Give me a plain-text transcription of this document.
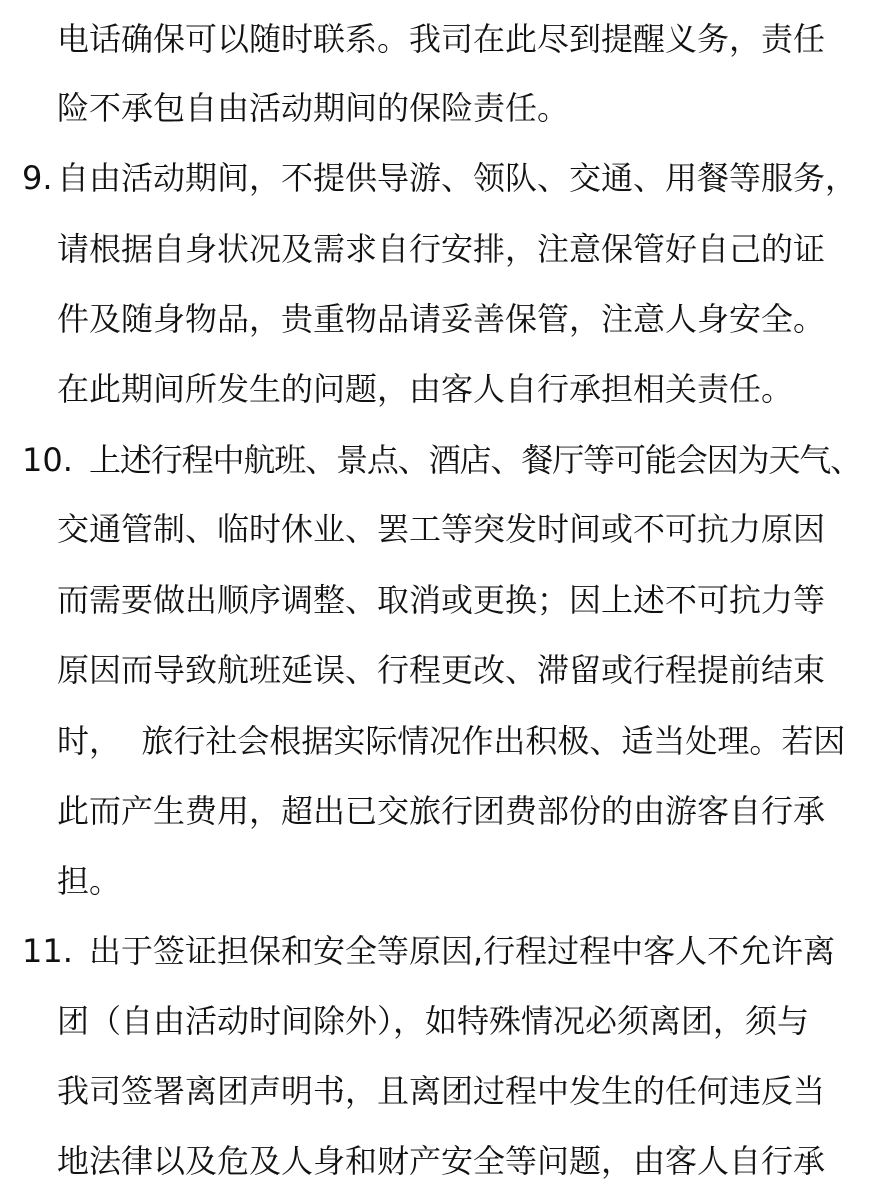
电话确保可以随时联系。我司在此尽到提醒义务，责任
险不承包自由活动期间的保险责任。
9. 自由活动期间，不提供导游、领队、交通、用餐等服务，
请根据自身状况及需求自行安排，注意保管好自己的证
件及随身物品，贵重物品请妥善保管，注意人身安全。
在此期间所发生的问题，由客人自行承担相关责任。
10. 上述行程中航班、景点、酒店、餐厅等可能会因为天气、
交通管制、临时休业、罢工等突发时间或不可抗力原因
而需要做出顺序调整、取消或更换；因上述不可抗力等
原因而导致航班延误、行程更改、滞留或行程提前结束
时，  旅行社会根据实际情况作出积极、适当处理。若因
此而产生费用，超出已交旅行团费部份的由游客自行承
担。
11. 出于签证担保和安全等原因,行程过程中客人不允许离
团（自由活动时间除外），如特殊情况必须离团，须与
我司签署离团声明书，且离团过程中发生的任何违反当
地法律以及危及人身和财产安全等问题，由客人自行承
